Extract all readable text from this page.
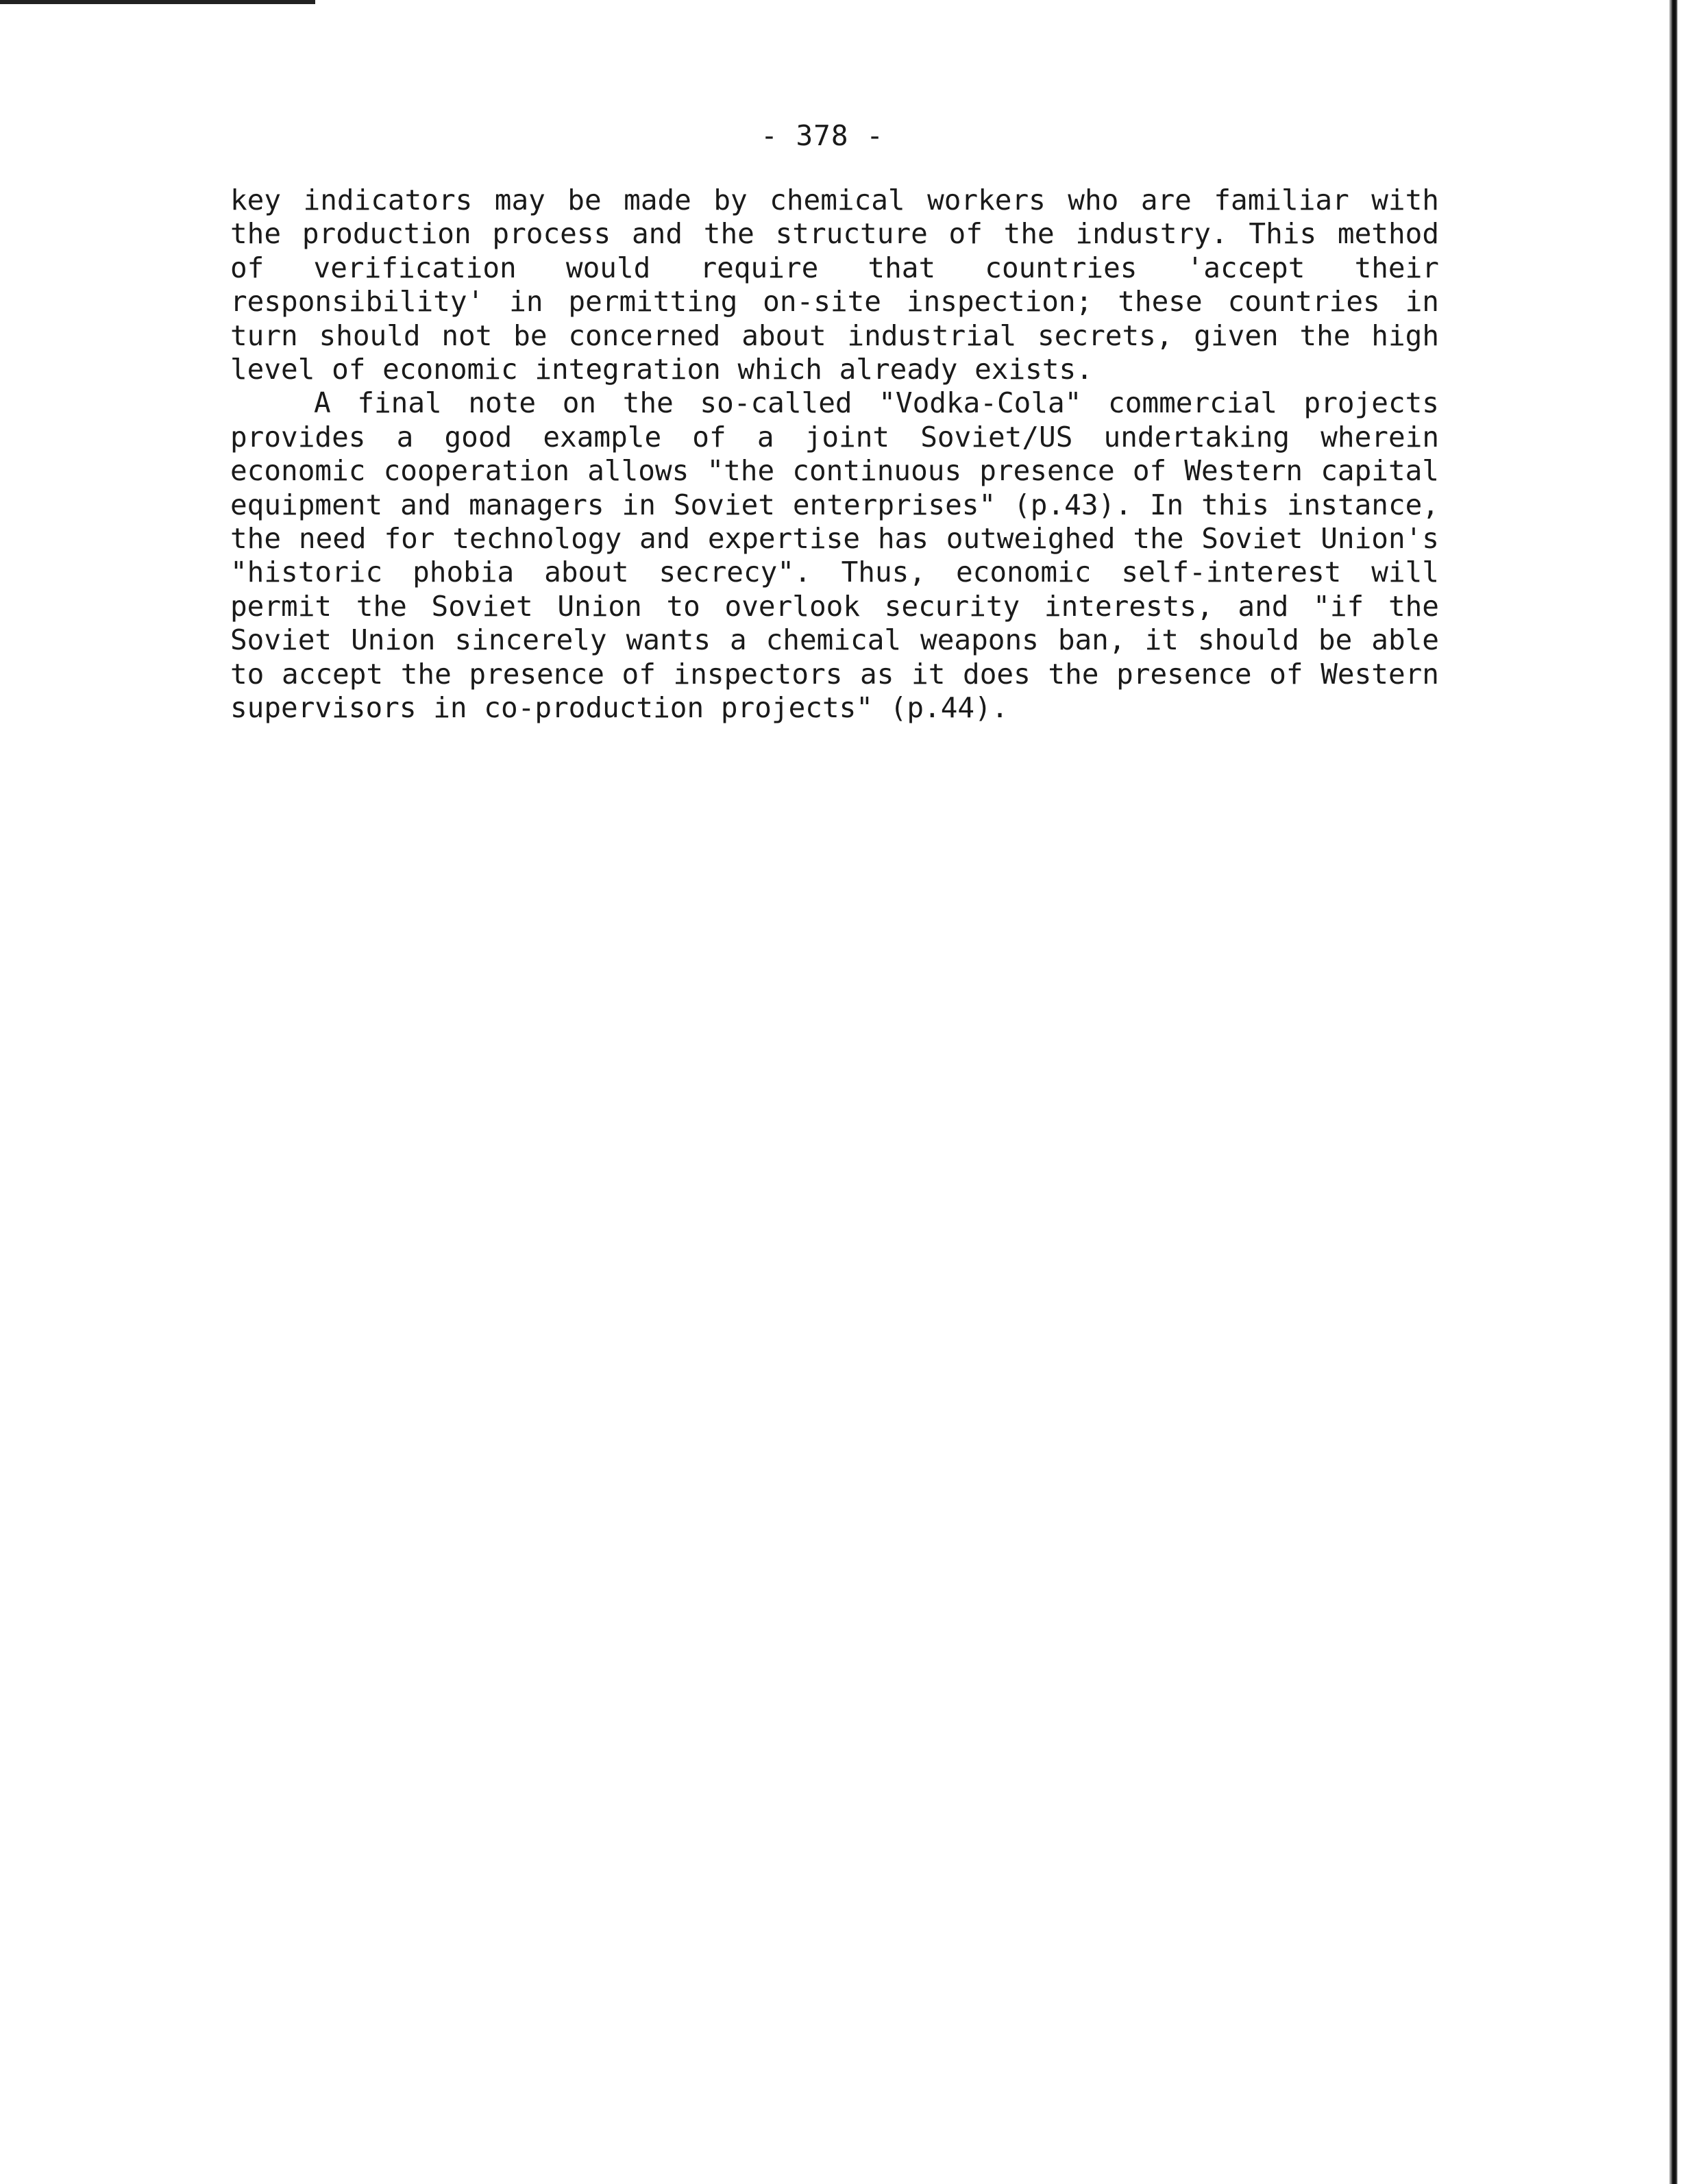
- 378 -

key indicators may be made by chemical workers who are familiar with the production process and the structure of the industry. This method of verification would require that countries 'accept their responsibility' in permitting on-site inspection; these countries in turn should not be concerned about industrial secrets, given the high level of economic integration which already exists.

A final note on the so-called "Vodka-Cola" commercial projects provides a good example of a joint Soviet/US undertaking wherein economic cooperation allows "the continuous presence of Western capital equipment and managers in Soviet enterprises" (p.43). In this instance, the need for technology and expertise has outweighed the Soviet Union's "historic phobia about secrecy". Thus, economic self-interest will permit the Soviet Union to overlook security interests, and "if the Soviet Union sincerely wants a chemical weapons ban, it should be able to accept the presence of inspectors as it does the presence of Western supervisors in co-production projects" (p.44).
